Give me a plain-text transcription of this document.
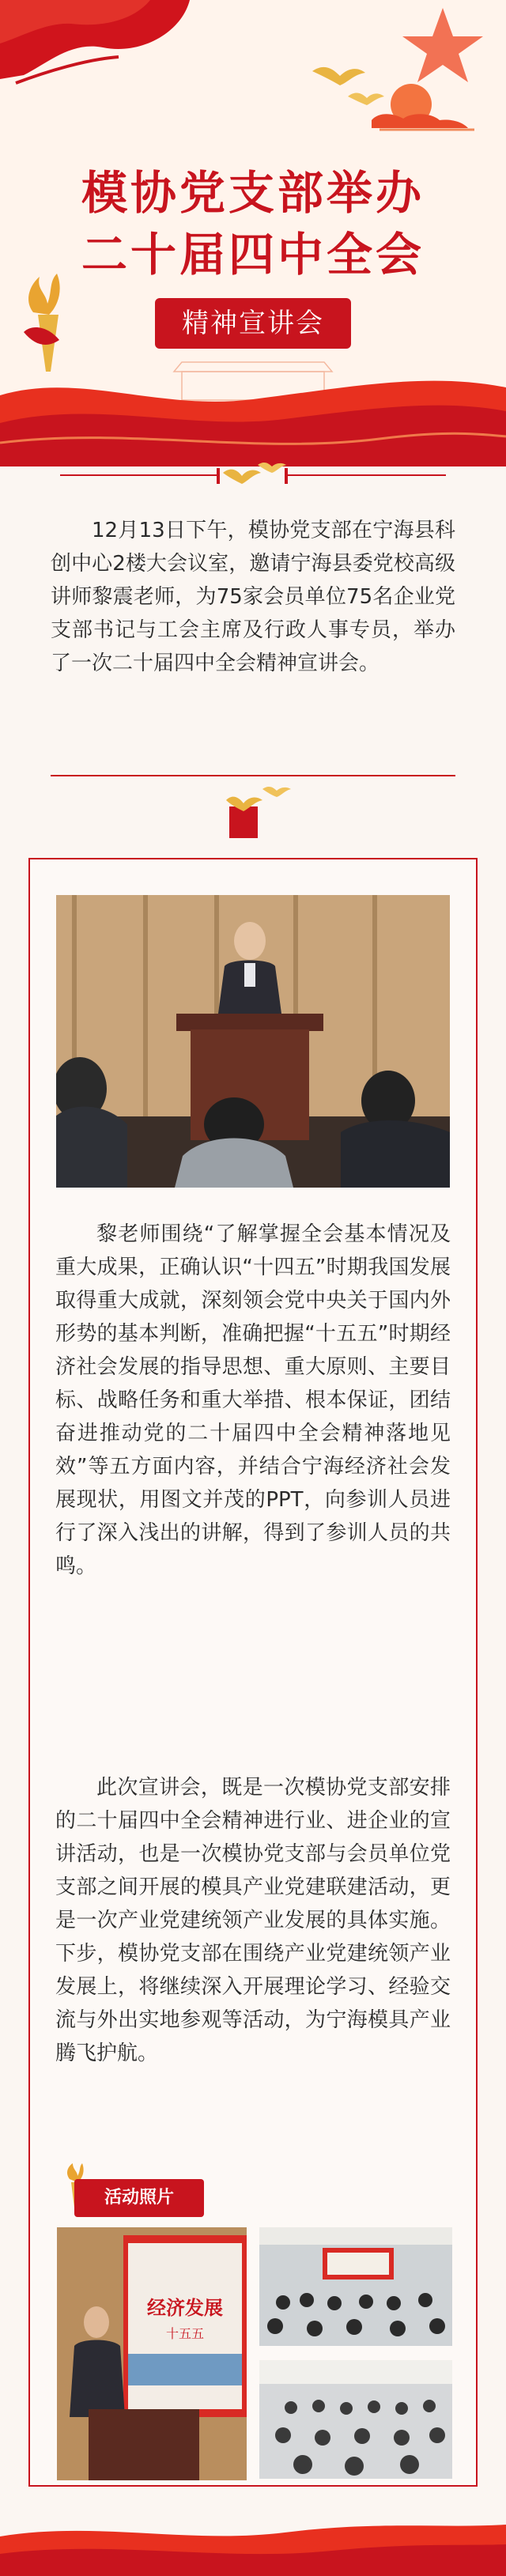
模协党支部举办
二十届四中全会
精神宣讲会

12月13日下午，模协党支部在宁海县科创中心2楼大会议室，邀请宁海县委党校高级讲师黎震老师，为75家会员单位75名企业党支部书记与工会主席及行政人事专员，举办了一次二十届四中全会精神宣讲会。

黎老师围绕“了解掌握全会基本情况及重大成果，正确认识“十四五”时期我国发展取得重大成就，深刻领会党中央关于国内外形势的基本判断，准确把握“十五五”时期经济社会发展的指导思想、重大原则、主要目标、战略任务和重大举措、根本保证，团结奋进推动党的二十届四中全会精神落地见效”等五方面内容，并结合宁海经济社会发展现状，用图文并茂的PPT，向参训人员进行了深入浅出的讲解，得到了参训人员的共鸣。

此次宣讲会，既是一次模协党支部安排的二十届四中全会精神进行业、进企业的宣讲活动，也是一次模协党支部与会员单位党支部之间开展的模具产业党建联建活动，更是一次产业党建统领产业发展的具体实施。下步，模协党支部在围绕产业党建统领产业发展上，将继续深入开展理论学习、经验交流与外出实地参观等活动，为宁海模具产业腾飞护航。

活动照片
经济发展
十五五
